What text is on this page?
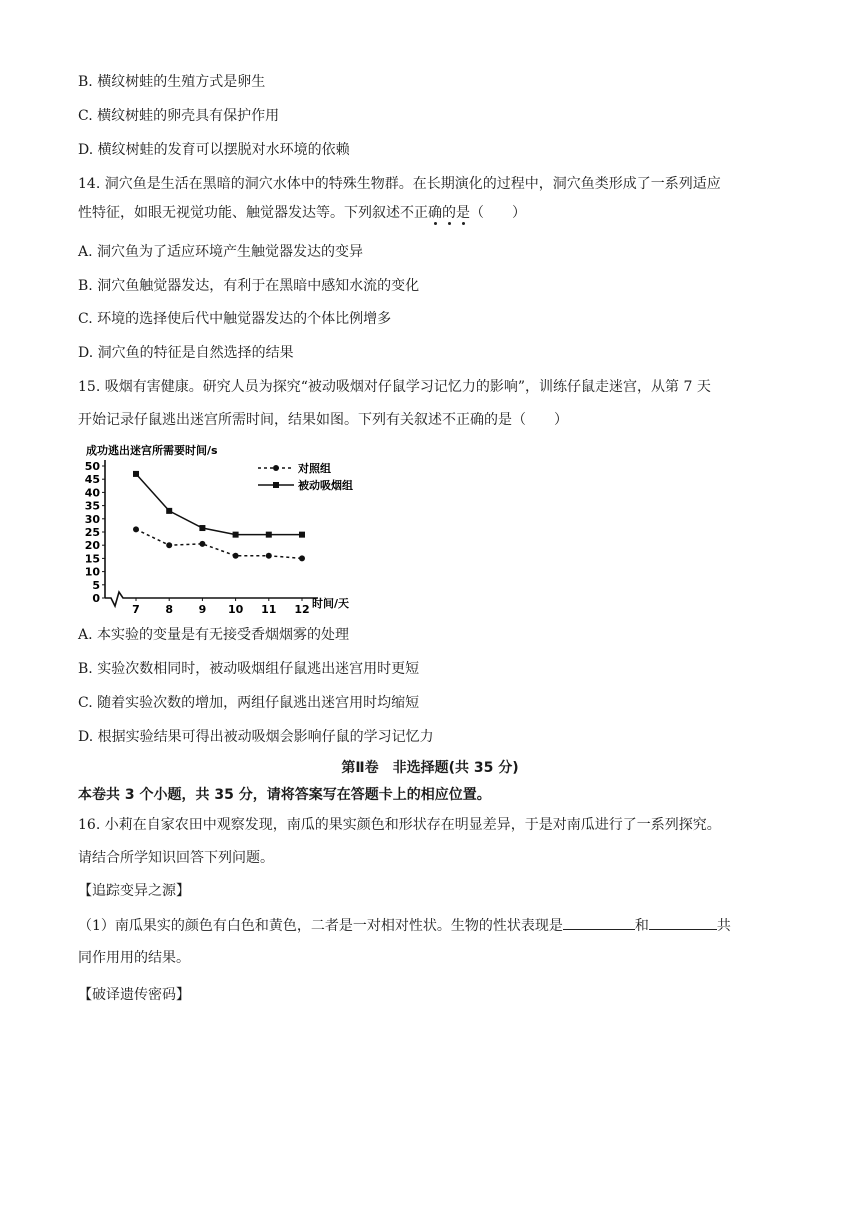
B. 横纹树蛙的生殖方式是卵生
C. 横纹树蛙的卵壳具有保护作用
D. 横纹树蛙的发育可以摆脱对水环境的依赖
14. 洞穴鱼是生活在黑暗的洞穴水体中的特殊生物群。在长期演化的过程中，洞穴鱼类形成了一系列适应
性特征，如眼无视觉功能、触觉器发达等。下列叙述不正确的是（　　）
A. 洞穴鱼为了适应环境产生触觉器发达的变异
B. 洞穴鱼触觉器发达，有利于在黑暗中感知水流的变化
C. 环境的选择使后代中触觉器发达的个体比例增多
D. 洞穴鱼的特征是自然选择的结果
15. 吸烟有害健康。研究人员为探究“被动吸烟对仔鼠学习记忆力的影响”，训练仔鼠走迷宫，从第 7 天
开始记录仔鼠逃出迷宫所需时间，结果如图。下列有关叙述不正确的是（　　）
成功逃出迷宫所需要时间/s
0
5
10
15
20
25
30
35
40
45
50
7 8 9 10 11 12
对照组
被动吸烟组
时间/天
A. 本实验的变量是有无接受香烟烟雾的处理
B. 实验次数相同时，被动吸烟组仔鼠逃出迷宫用时更短
C. 随着实验次数的增加，两组仔鼠逃出迷宫用时均缩短
D. 根据实验结果可得出被动吸烟会影响仔鼠的学习记忆力
第Ⅱ卷　非选择题(共 35 分)
本卷共 3 个小题，共 35 分，请将答案写在答题卡上的相应位置。
16. 小莉在自家农田中观察发现，南瓜的果实颜色和形状存在明显差异，于是对南瓜进行了一系列探究。
请结合所学知识回答下列问题。
【追踪变异之源】
（1）南瓜果实的颜色有白色和黄色，二者是一对相对性状。生物的性状表现是	和	共
同作用用的结果。
【破译遗传密码】
